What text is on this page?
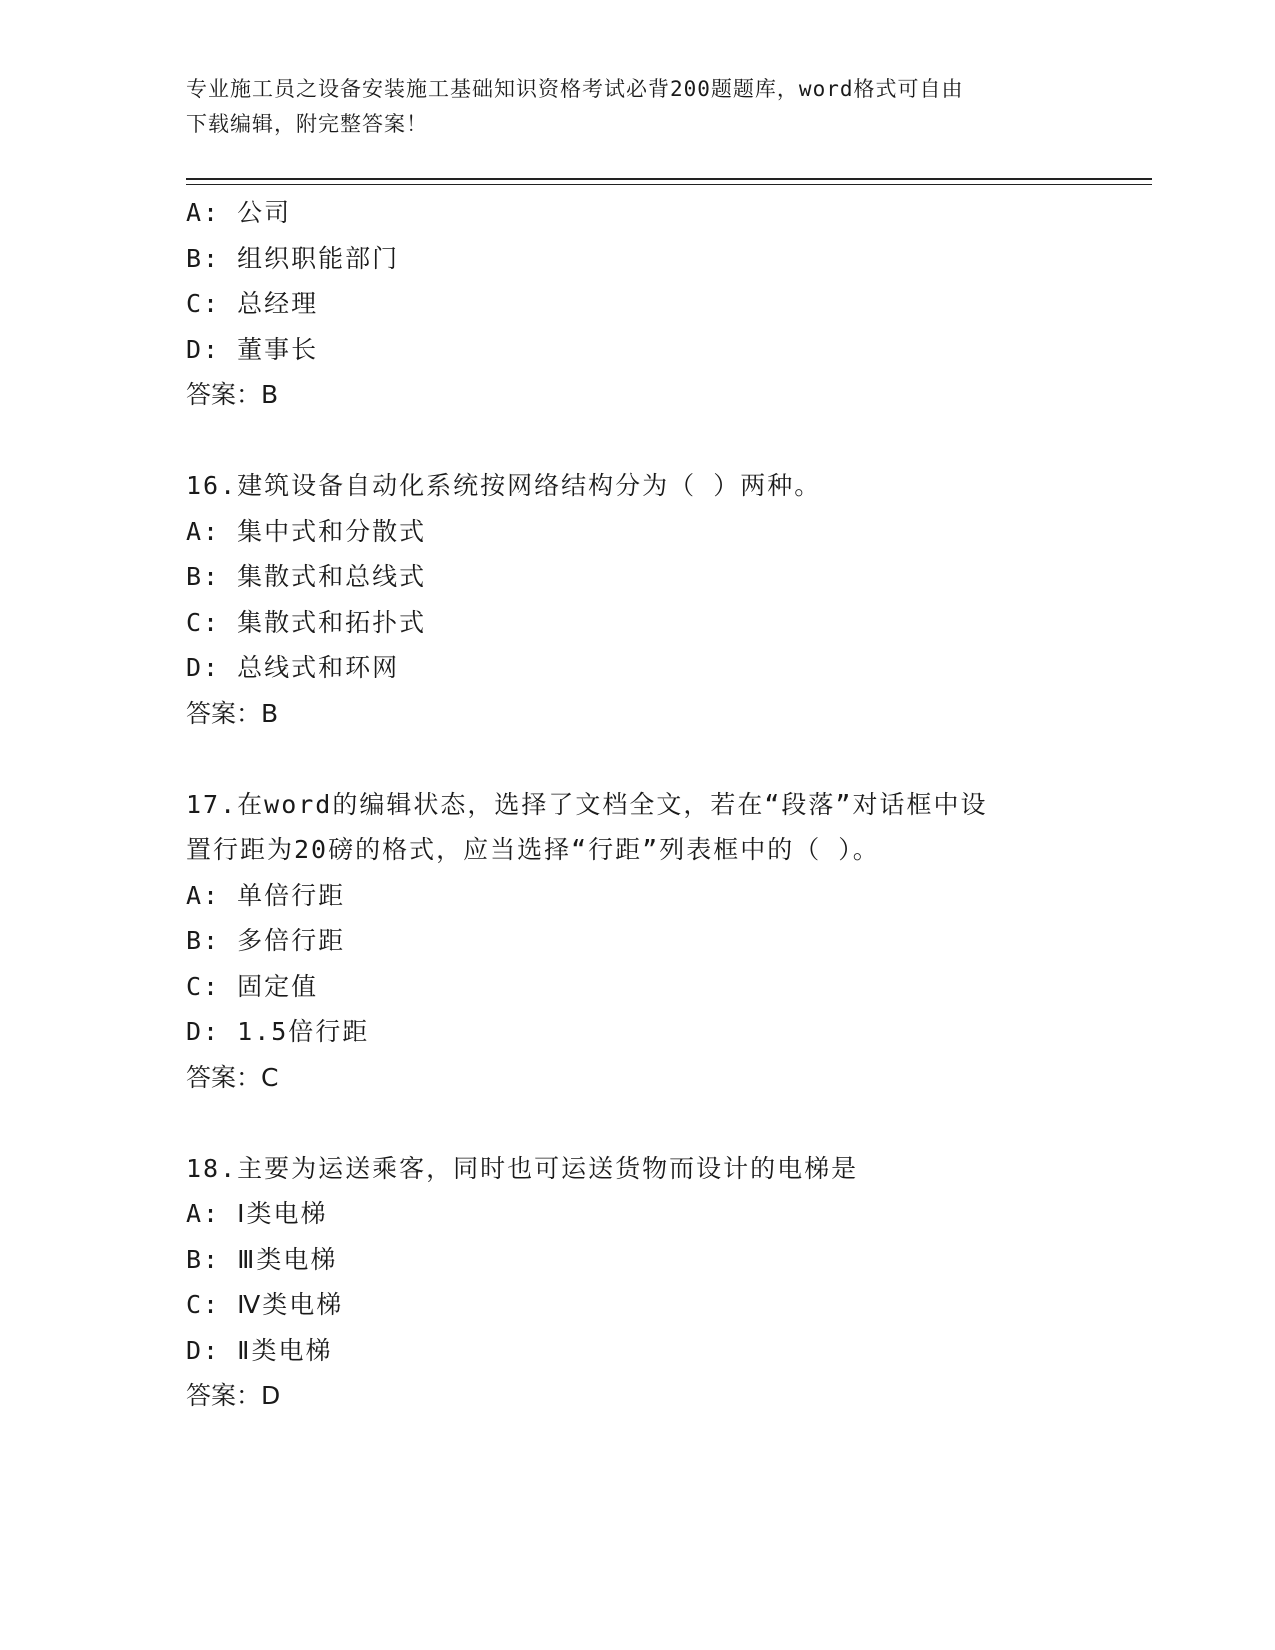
专业施工员之设备安装施工基础知识资格考试必背200题题库，word格式可自由
下载编辑，附完整答案！
A: 公司
B: 组织职能部门
C: 总经理
D: 董事长
答案：B
16.建筑设备自动化系统按网络结构分为（ ）两种。
A: 集中式和分散式
B: 集散式和总线式
C: 集散式和拓扑式
D: 总线式和环网
答案：B
17.在word的编辑状态，选择了文档全文，若在“段落”对话框中设
置行距为20磅的格式，应当选择“行距”列表框中的（ ）。
A: 单倍行距
B: 多倍行距
C: 固定值
D: 1.5倍行距
答案：C
18.主要为运送乘客，同时也可运送货物而设计的电梯是
A: Ⅰ类电梯
B: Ⅲ类电梯
C: Ⅳ类电梯
D: Ⅱ类电梯
答案：D
